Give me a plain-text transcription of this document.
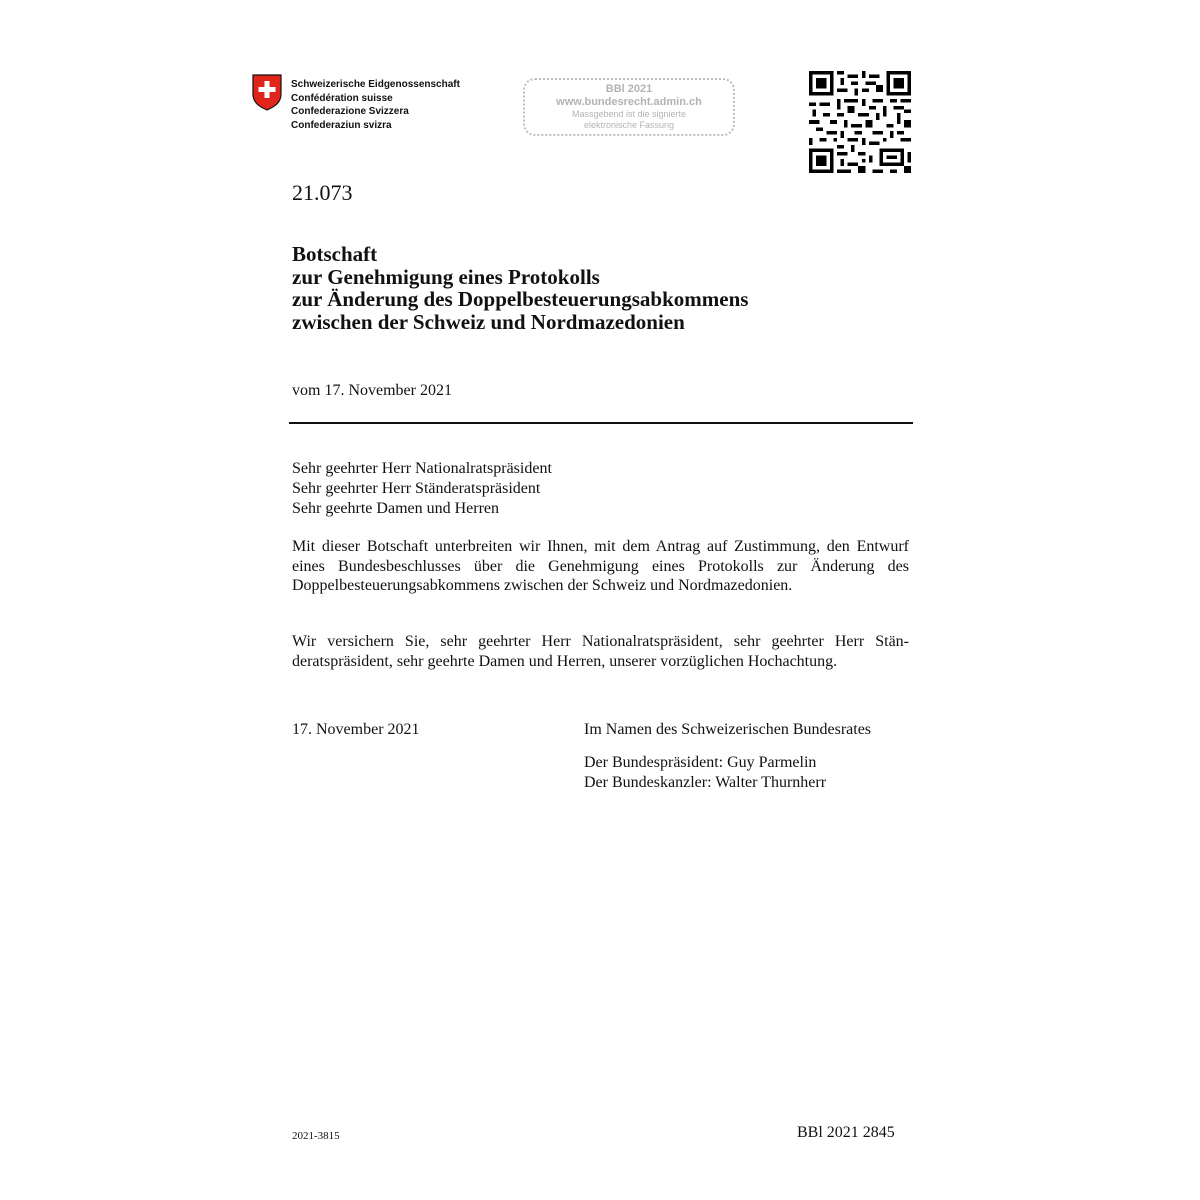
Schweizerische Eidgenossenschaft
Confédération suisse
Confederazione Svizzera
Confederaziun svizra
BBl 2021
www.bundesrecht.admin.ch
Massgebend ist die signierte
elektronische Fassung
21.073
Botschaft
zur Genehmigung eines Protokolls
zur Änderung des Doppelbesteuerungsabkommens
zwischen der Schweiz und Nordmazedonien
vom 17. November 2021
Sehr geehrter Herr Nationalratspräsident
Sehr geehrter Herr Ständeratspräsident
Sehr geehrte Damen und Herren
Mit dieser Botschaft unterbreiten wir Ihnen, mit dem Antrag auf Zustimmung, den Entwurf eines Bundesbeschlusses über die Genehmigung eines Protokolls zur Änderung des Doppelbesteuerungsabkommens zwischen der Schweiz und Nordmazedonien.
Wir versichern Sie, sehr geehrter Herr Nationalratspräsident, sehr geehrter Herr Ständeratspräsident, sehr geehrte Damen und Herren, unserer vorzüglichen Hochachtung.
17. November 2021	Im Namen des Schweizerischen Bundesrates
Der Bundespräsident: Guy Parmelin
Der Bundeskanzler: Walter Thurnherr
2021-3815	BBl 2021 2845
